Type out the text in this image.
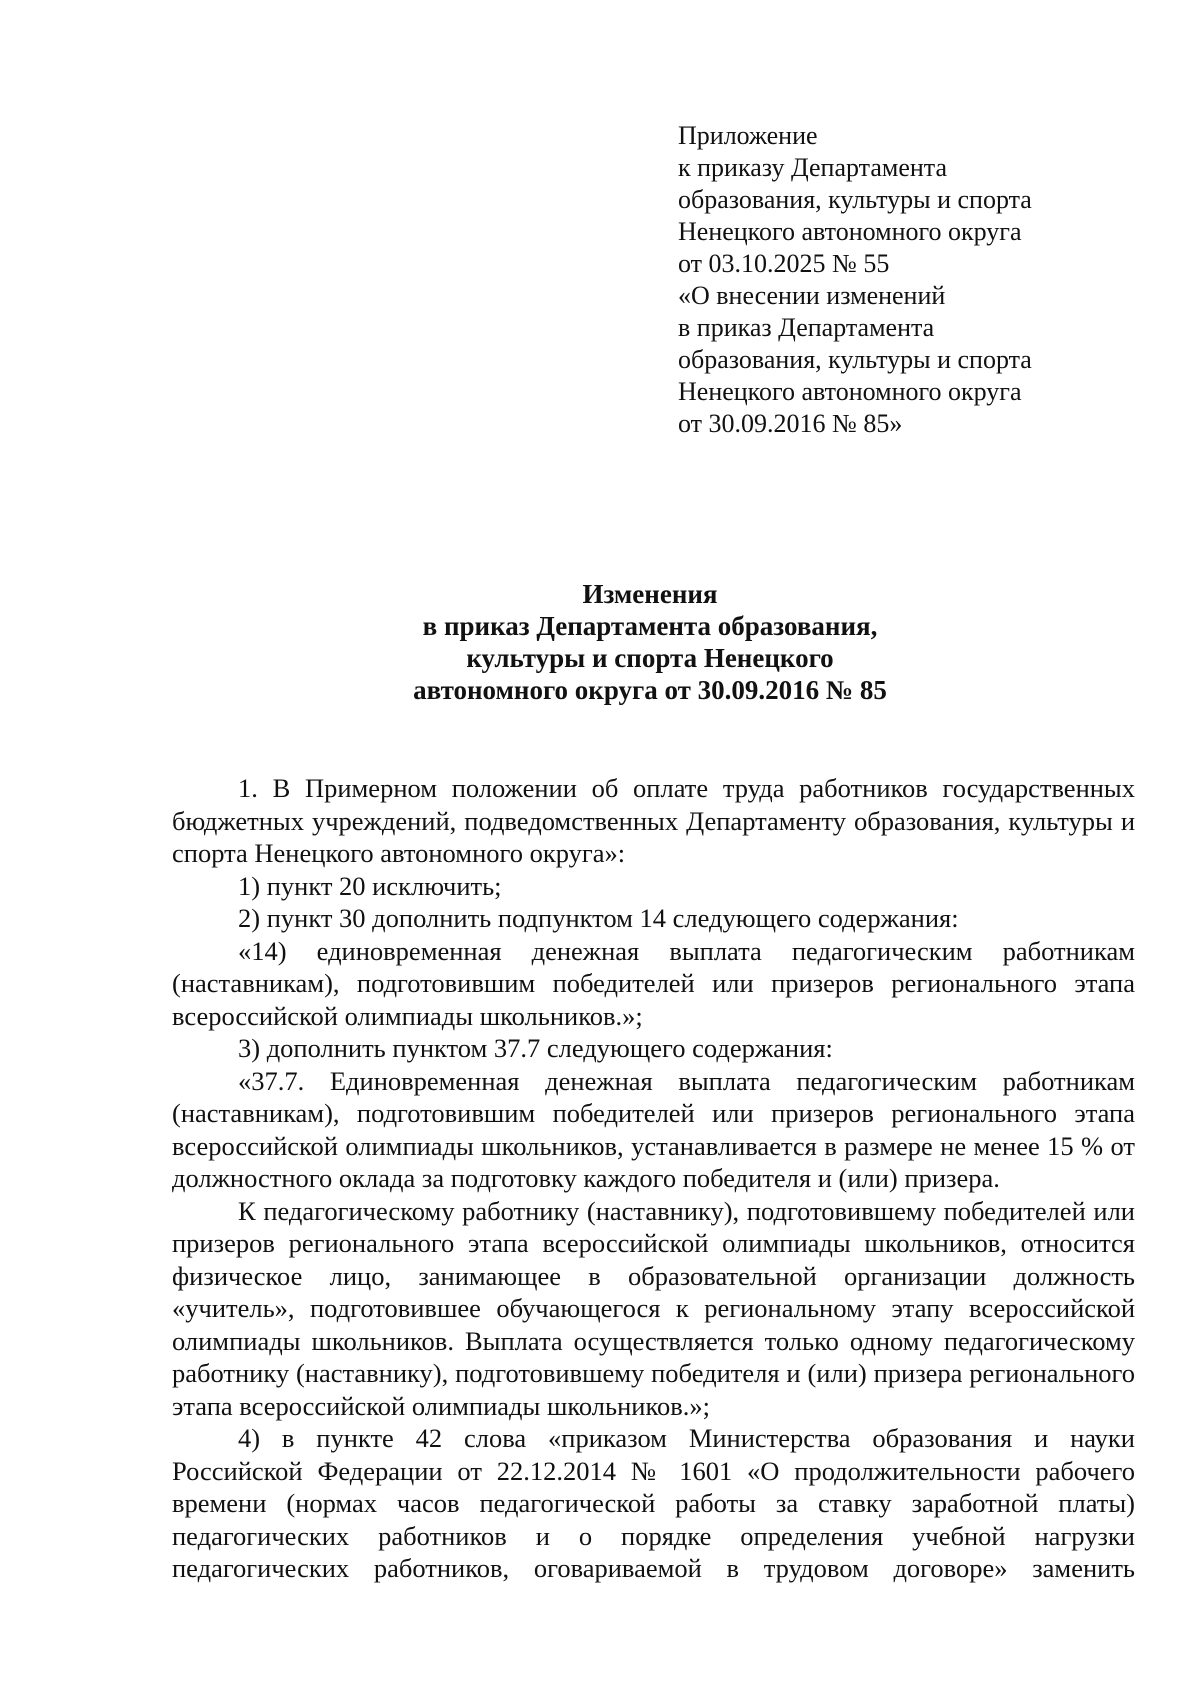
Приложение
к приказу Департамента
образования, культуры и спорта
Ненецкого автономного округа
от 03.10.2025 № 55
«О внесении изменений
в приказ Департамента
образования, культуры и спорта
Ненецкого автономного округа
от 30.09.2016 № 85»
Изменения
в приказ Департамента образования,
культуры и спорта Ненецкого
автономного округа от 30.09.2016 № 85

1. В Примерном положении об оплате труда работников государственных бюджетных учреждений, подведомственных Департаменту образования, культуры и спорта Ненецкого автономного округа»:

1) пункт 20 исключить;

2) пункт 30 дополнить подпунктом 14 следующего содержания:

«14) единовременная денежная выплата педагогическим работникам (наставникам), подготовившим победителей или призеров регионального этапа всероссийской олимпиады школьников.»;

3) дополнить пунктом 37.7 следующего содержания:

«37.7. Единовременная денежная выплата педагогическим работникам (наставникам), подготовившим победителей или призеров регионального этапа всероссийской олимпиады школьников, устанавливается в размере не менее 15 % от должностного оклада за подготовку каждого победителя и (или) призера.

К педагогическому работнику (наставнику), подготовившему победителей или призеров регионального этапа всероссийской олимпиады школьников, относится физическое лицо, занимающее в образовательной организации должность «учитель», подготовившее обучающегося к региональному этапу всероссийской олимпиады школьников. Выплата осуществляется только одному педагогическому работнику (наставнику), подготовившему победителя и (или) призера регионального этапа всероссийской олимпиады школьников.»;

4) в пункте 42 слова «приказом Министерства образования и науки Российской Федерации от 22.12.2014 № 1601 «О продолжительности рабочего времени (нормах часов педагогической работы за ставку заработной платы) педагогических работников и о порядке определения учебной нагрузки педагогических работников, оговариваемой в трудовом договоре» заменить
